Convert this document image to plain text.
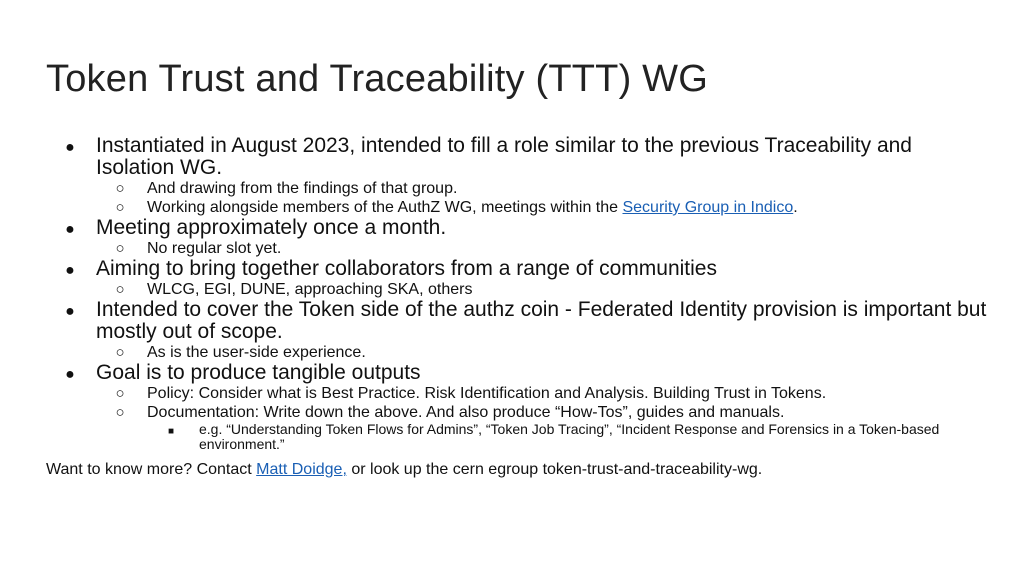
Token Trust and Traceability (TTT) WG
●
Instantiated in August 2023, intended to fill a role similar to the previous Traceability and Isolation WG.
○
And drawing from the findings of that group.
○
Working alongside members of the AuthZ WG, meetings within the Security Group in Indico.
●
Meeting approximately once a month.
○
No regular slot yet.
●
Aiming to bring together collaborators from a range of communities
○
WLCG, EGI, DUNE, approaching SKA, others
●
Intended to cover the Token side of the authz coin - Federated Identity provision is important but mostly out of scope.
○
As is the user-side experience.
●
Goal is to produce tangible outputs
○
Policy: Consider what is Best Practice. Risk Identification and Analysis. Building Trust in Tokens.
○
Documentation: Write down the above. And also produce “How-Tos”, guides and manuals.
■
e.g. “Understanding Token Flows for Admins”, “Token Job Tracing”, “Incident Response and Forensics in a Token-based environment.”
Want to know more? Contact Matt Doidge, or look up the cern egroup token-trust-and-traceability-wg.
